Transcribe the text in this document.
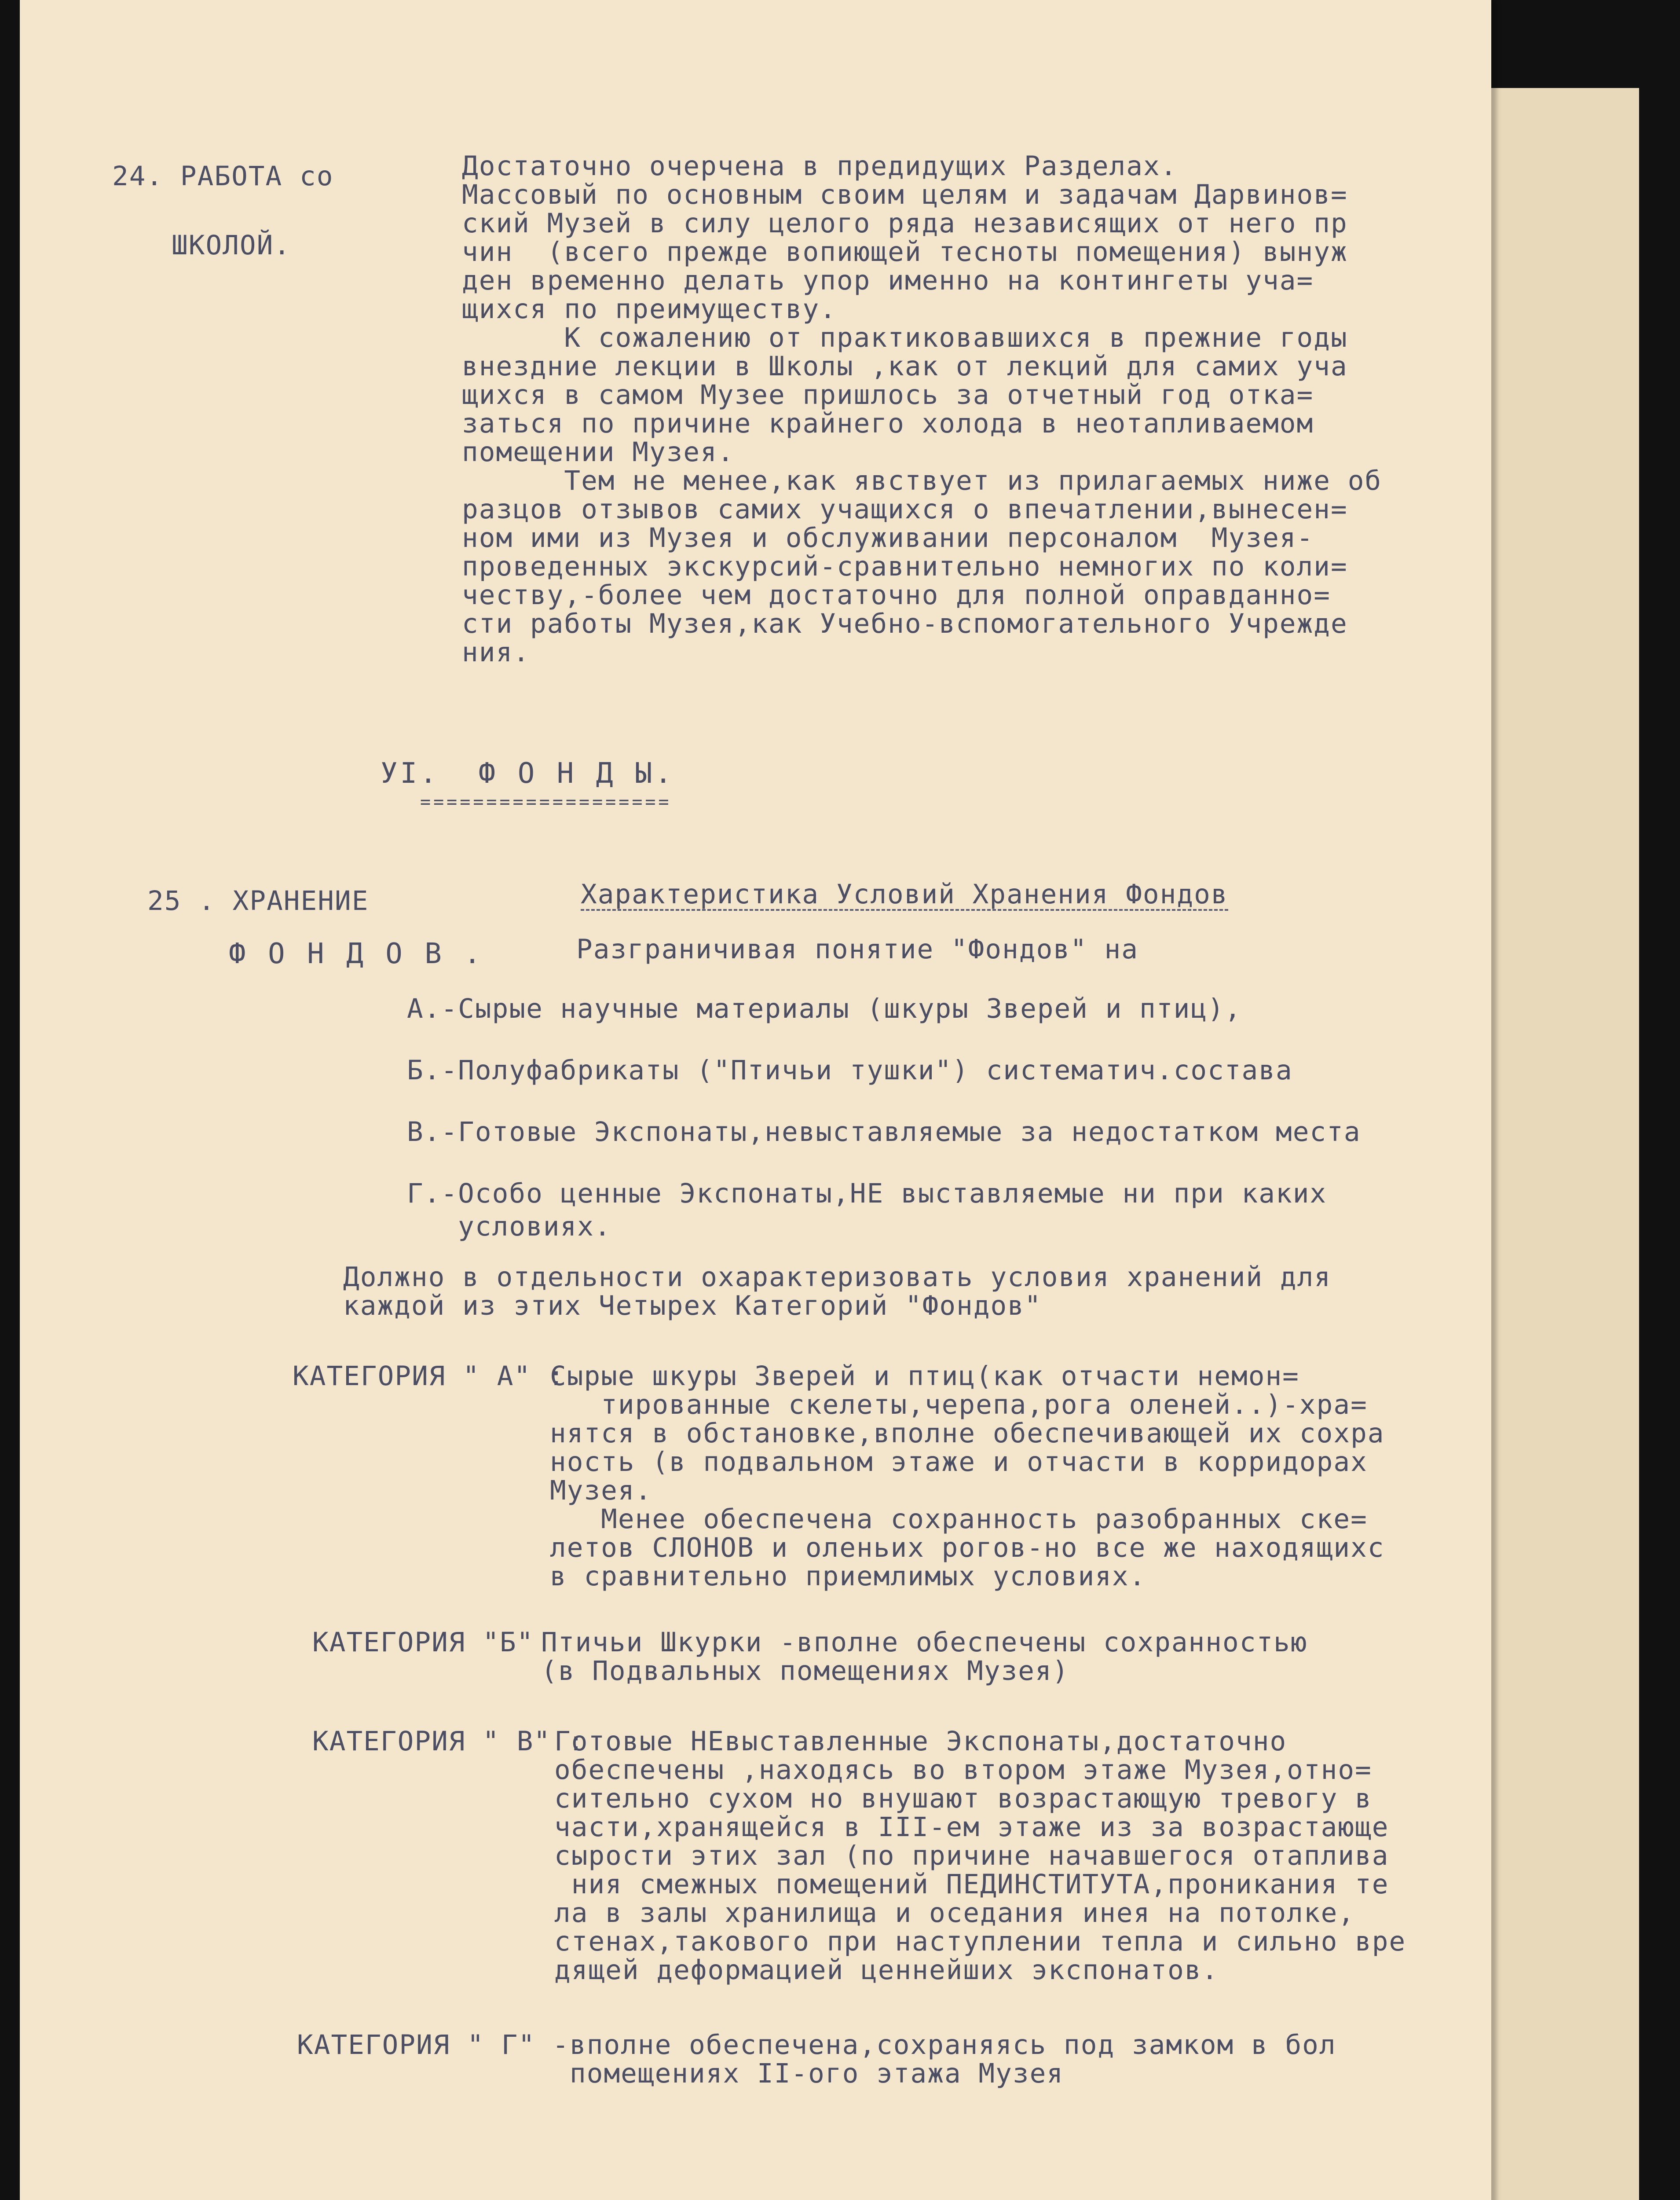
24. РАБОТА со
ШКОЛОЙ.
Достаточно очерчена в предидущих Разделах.
Массовый по основным своим целям и задачам Дарвинов=
ский Музей в силу целого ряда независящих от него пр
чин  (всего прежде вопиющей тесноты помещения) вынуж
ден временно делать упор именно на контингеты уча=
щихся по преимуществу.
К сожалению от практиковавшихся в прежние годы
внездние лекции в Школы ,как от лекций для самих уча
щихся в самом Музее пришлось за отчетный год отка=
заться по причине крайнего холода в неотапливаемом
помещении Музея.
Тем не менее,как явствует из прилагаемых ниже об
разцов отзывов самих учащихся о впечатлении,вынесен=
ном ими из Музея и обслуживании персоналом  Музея-
проведенных экскурсий-сравнительно немногих по коли=
честву,-более чем достаточно для полной оправданно=
сти работы Музея,как Учебно-вспомогательного Учрежде
ния.
УI.  Ф О Н Д Ы.
===================
25 . ХРАНЕНИЕ
Ф О Н Д О В .
Характеристика Условий Хранения Фондов
Разграничивая понятие "Фондов" на
А.-Сырые научные материалы (шкуры Зверей и птиц),
Б.-Полуфабрикаты ("Птичьи тушки") систематич.состава
В.-Готовые Экспонаты,невыставляемые за недостатком места
Г.-Особо ценные Экспонаты,НЕ выставляемые ни при каких
условиях.
Должно в отдельности охарактеризовать условия хранений для
каждой из этих Четырех Категорий "Фондов"
КАТЕГОРИЯ " А" :
Сырые шкуры Зверей и птиц(как отчасти немон=
тированные скелеты,черепа,рога оленей..)-хра=
нятся в обстановке,вполне обеспечивающей их сохра
ность (в подвальном этаже и отчасти в корридорах
Музея.
Менее обеспечена сохранность разобранных ске=
летов СЛОНОВ и оленьих рогов-но все же находящихс
в сравнительно приемлимых условиях.
КАТЕГОРИЯ "Б" Птичьи Шкурки -вполне обеспечены сохранностью
(в Подвальных помещениях Музея)
КАТЕГОРИЯ " В" :
Готовые НЕвыставленные Экспонаты,достаточно
обеспечены ,находясь во втором этаже Музея,отно=
сительно сухом но внушают возрастающую тревогу в
части,хранящейся в III-ем этаже из за возрастающе
сырости этих зал (по причине начавшегося отаплива
ния смежных помещений ПЕДИНСТИТУТА,проникания те
ла в залы хранилища и оседания инея на потолке,
стенах,такового при наступлении тепла и сильно вре
дящей деформацией ценнейших экспонатов.
КАТЕГОРИЯ " Г" - вполне обеспечена,сохраняясь под замком в бол
помещениях II-ого этажа Музея
